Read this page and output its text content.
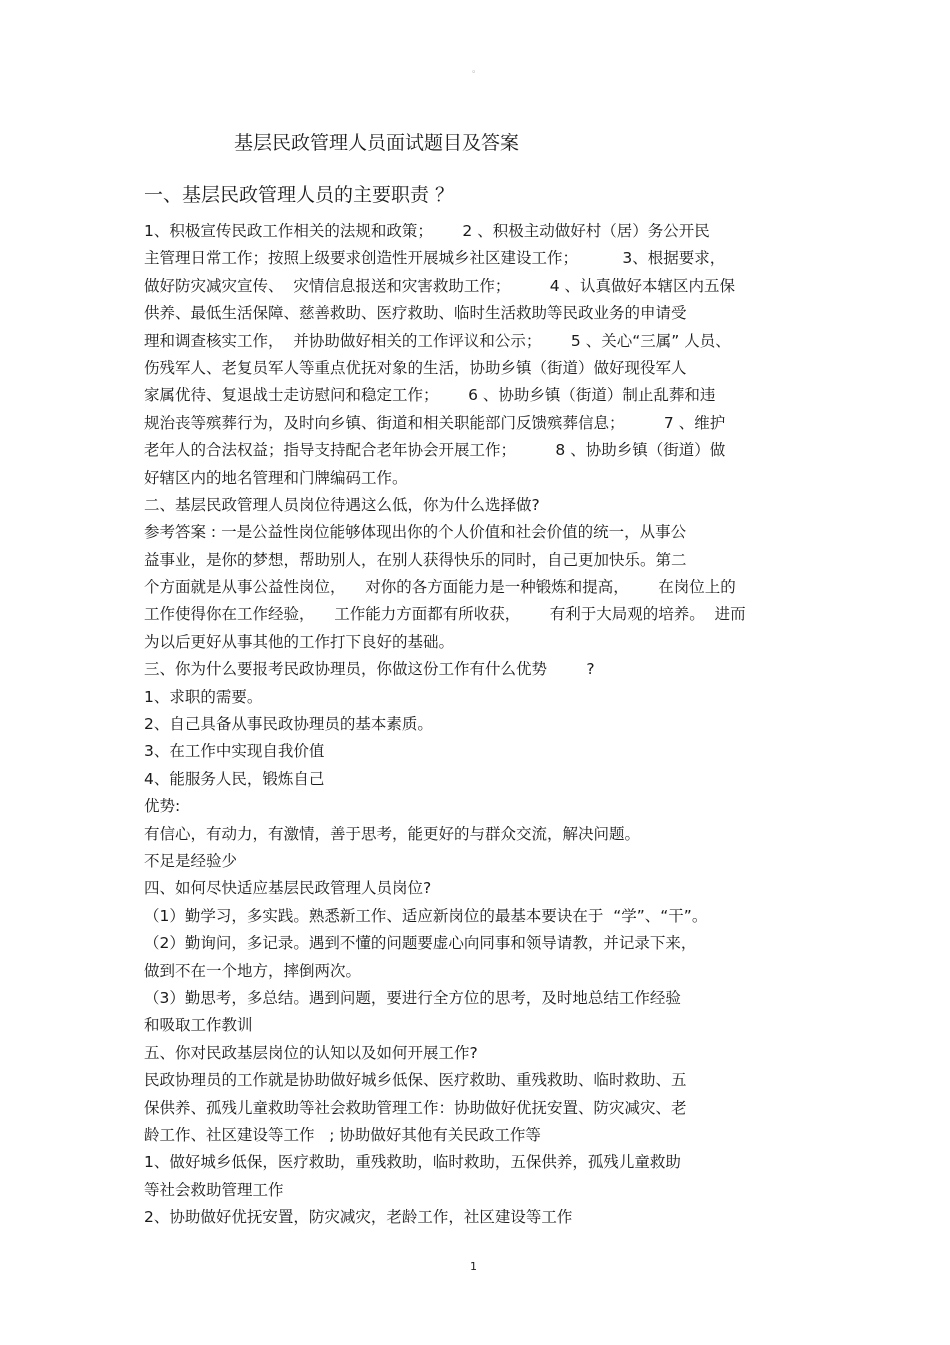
。
基层民政管理人员面试题目及答案
一、基层民政管理人员的主要职责 ？
1、积极宣传民政工作相关的法规和政策；      2 、积极主动做好村（居）务公开民
主管理日常工作；按照上级要求创造性开展城乡社区建设工作；         3、根据要求，
做好防灾减灾宣传、  灾情信息报送和灾害救助工作；        4 、认真做好本辖区内五保
供养、最低生活保障、慈善救助、医疗救助、临时生活救助等民政业务的申请受
理和调查核实工作，  并协助做好相关的工作评议和公示；      5 、关心“三属” 人员、
伤残军人、老复员军人等重点优抚对象的生活，协助乡镇（街道）做好现役军人
家属优待、复退战士走访慰问和稳定工作；      6 、协助乡镇（街道）制止乱葬和违
规治丧等殡葬行为，及时向乡镇、街道和相关职能部门反馈殡葬信息；        7 、维护
老年人的合法权益；指导支持配合老年协会开展工作；        8 、协助乡镇（街道）做
好辖区内的地名管理和门牌编码工作。
二、基层民政管理人员岗位待遇这么低，你为什么选择做?
参考答案 : 一是公益性岗位能够体现出你的个人价值和社会价值的统一，从事公
益事业，是你的梦想，帮助别人，在别人获得快乐的同时，自己更加快乐。第二
个方面就是从事公益性岗位，    对你的各方面能力是一种锻炼和提高，      在岗位上的
工作使得你在工作经验，    工作能力方面都有所收获，      有利于大局观的培养。  进而
为以后更好从事其他的工作打下良好的基础。
三、你为什么要报考民政协理员，你做这份工作有什么优势        ?
1、求职的需要。
2、自己具备从事民政协理员的基本素质。
3、在工作中实现自我价值
4、能服务人民，锻炼自己
优势:
有信心，有动力，有激情，善于思考，能更好的与群众交流，解决问题。
不足是经验少
四、如何尽快适应基层民政管理人员岗位?
（1）勤学习，多实践。熟悉新工作、适应新岗位的最基本要诀在于  “学”、“干”。
（2）勤询问，多记录。遇到不懂的问题要虚心向同事和领导请教，并记录下来，
做到不在一个地方，摔倒两次。
（3）勤思考，多总结。遇到问题，要进行全方位的思考，及时地总结工作经验
和吸取工作教训
五、你对民政基层岗位的认知以及如何开展工作?
民政协理员的工作就是协助做好城乡低保、医疗救助、重残救助、临时救助、五
保供养、孤残儿童救助等社会救助管理工作：协助做好优抚安置、防灾减灾、老
龄工作、社区建设等工作   ; 协助做好其他有关民政工作等
1、做好城乡低保，医疗救助，重残救助，临时救助，五保供养，孤残儿童救助
等社会救助管理工作
2、协助做好优抚安置，防灾减灾，老龄工作，社区建设等工作
1
